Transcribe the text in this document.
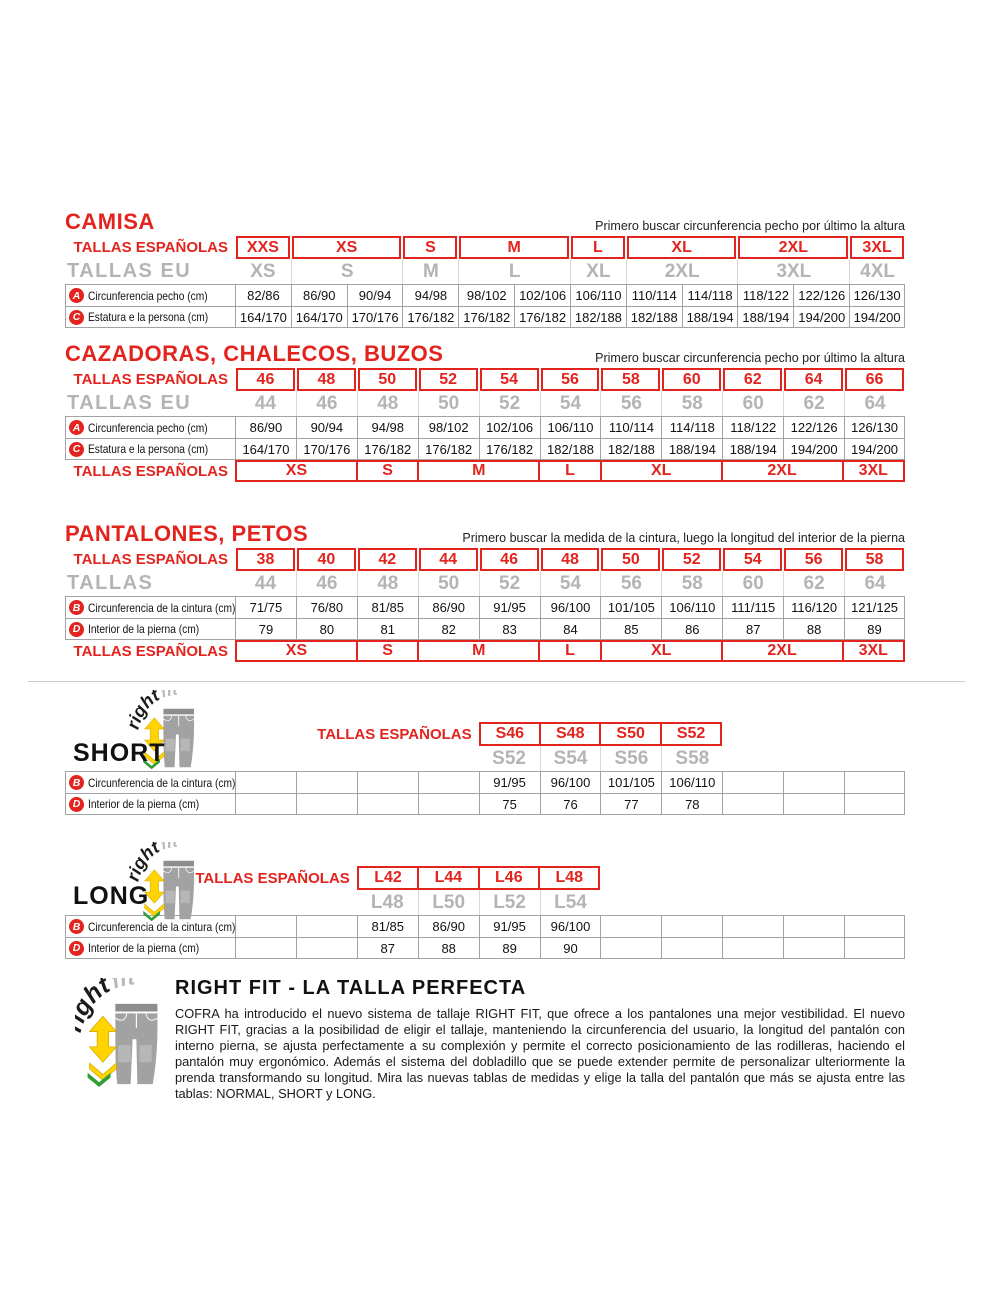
CAMISA	Primero buscar circunferencia pecho por último la altura
TALLAS ESPAÑOLAS	XXS	XS	S	M	L	XL	2XL	3XL
TALLAS EU	XS	S	M	L	XL	2XL	3XL	4XL
A Circunferencia pecho (cm)	82/86	86/90	90/94	94/98	98/102 102/106 106/110 110/114 114/118 118/122 122/126 126/130
C Estatura e la persona (cm)	164/170 164/170 170/176 176/182 176/182 176/182 182/188 182/188 188/194 188/194 194/200 194/200
CAZADORAS, CHALECOS, BUZOS	Primero buscar circunferencia pecho por último la altura
TALLAS ESPAÑOLAS	46	48	50	52	54	56	58	60	62	64	66
TALLAS EU	44	46	48	50	52	54	56	58	60	62	64
A Circunferencia pecho (cm)	86/90	90/94	94/98	98/102	102/106	106/110	110/114	114/118	118/122	122/126	126/130
C Estatura e la persona (cm)	164/170	170/176	176/182	176/182	176/182	182/188	182/188	188/194	188/194	194/200	194/200
TALLAS ESPAÑOLAS	XS	S	M	L	XL	2XL	3XL
PANTALONES, PETOS	Primero buscar la medida de la cintura, luego la longitud del interior de la pierna
TALLAS ESPAÑOLAS	38	40	42	44	46	48	50	52	54	56	58
TALLAS	44	46	48	50	52	54	56	58	60	62	64
B Circunferencia de la cintura (cm)	71/75	76/80	81/85	86/90	91/95	96/100	101/105	106/110	111/115	116/120	121/125
D Interior de la pierna (cm)	79	80	81	82	83	84	85	86	87	88	89
TALLAS ESPAÑOLAS	XS	S	M	L	XL	2XL	3XL
SHORT
TALLAS ESPAÑOLAS	S46	S48	S50	S52
S52	S54	S56	S58
B Circunferencia de la cintura (cm)	91/95	96/100	101/105	106/110
D Interior de la pierna (cm)	75	76	77	78
LONG
TALLAS ESPAÑOLAS	L42	L44	L46	L48
L48	L50	L52	L54
B Circunferencia de la cintura (cm)	81/85	86/90	91/95	96/100
D Interior de la pierna (cm)	87	88	89	90
RIGHT FIT - LA TALLA PERFECTA

COFRA ha introducido el nuevo sistema de tallaje RIGHT FIT, que ofrece a los pantalones una mejor vestibilidad. El nuevo RIGHT FIT, gracias a la posibilidad de eligir el tallaje, manteniendo la circunferencia del usuario, la longitud del pantalón con interno pierna, se ajusta perfectamente a su complexión y permite el correcto posicionamiento de las rodilleras, haciendo el pantalón muy ergonómico. Además el sistema del dobladillo que se puede extender permite de personalizar ulteriormente la prenda transformando su longitud. Mira las nuevas tablas de medidas y elige la talla del pantalón que más se ajusta entre las tablas: NORMAL, SHORT y LONG.
